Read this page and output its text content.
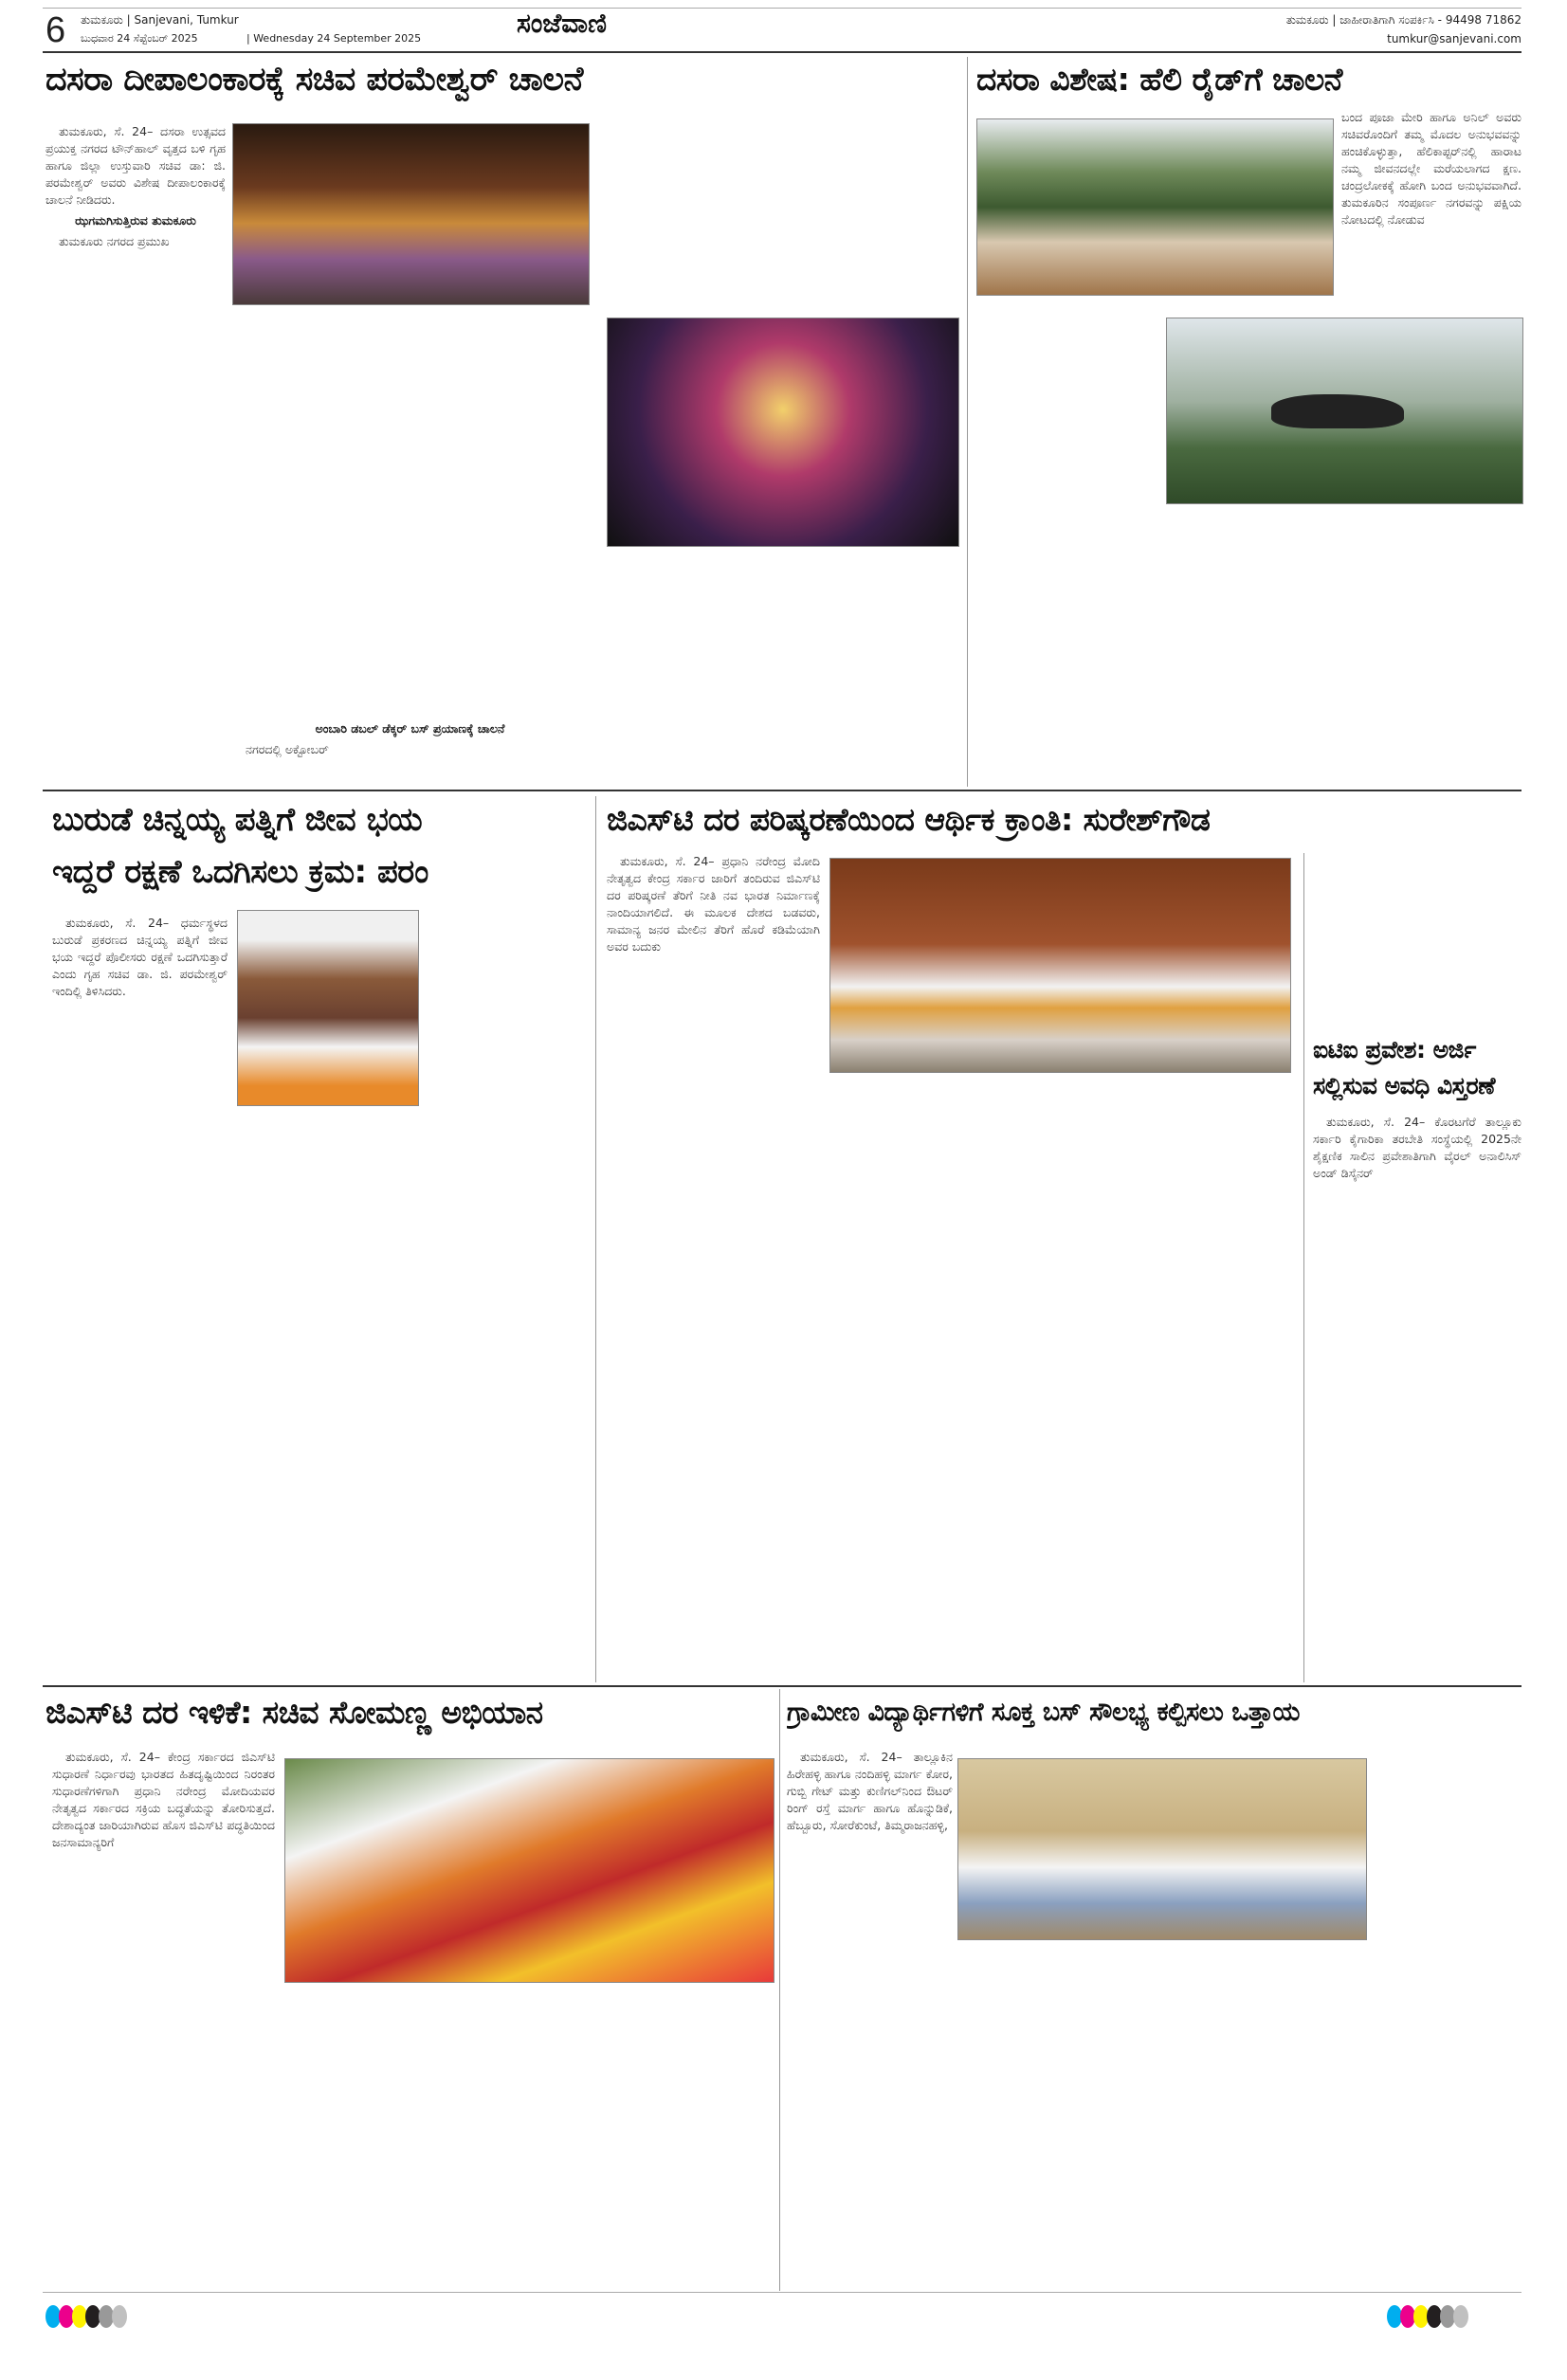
6 ತುಮಕೂರು | Sanjevani, Tumkur
ಬುಧವಾರ 24 ಸೆಪ್ಟೆಂಬರ್ 2025	| Wednesday 24 September 2025	ಸಂಜೆವಾಣಿ	ತುಮಕೂರು | ಜಾಹೀರಾತಿಗಾಗಿ ಸಂಪರ್ಕಿಸಿ - 94498 71862
tumkur@sanjevani.com
ದಸರಾ ದೀಪಾಲಂಕಾರಕ್ಕೆ ಸಚಿವ ಪರಮೇಶ್ವರ್ ಚಾಲನೆ

ತುಮಕೂರು, ಸೆ. 24– ದಸರಾ ಉತ್ಸವದ ಪ್ರಯುಕ್ತ ನಗರದ ಟೌನ್‌ಹಾಲ್ ವೃತ್ತದ ಬಳಿ ಗೃಹ ಹಾಗೂ ಜಿಲ್ಲಾ ಉಸ್ತುವಾರಿ ಸಚಿವ ಡಾ: ಜಿ. ಪರಮೇಶ್ವರ್ ಅವರು ವಿಶೇಷ ದೀಪಾಲಂಕಾರಕ್ಕೆ ಚಾಲನೆ ನೀಡಿದರು.

ಝಗಮಗಿಸುತ್ತಿರುವ ತುಮಕೂರು

ತುಮಕೂರು ನಗರದ ಪ್ರಮುಖ

ಅಂಬಾರಿ ಡಬಲ್ ಡೆಕ್ಕರ್ ಬಸ್ ಪ್ರಯಾಣಕ್ಕೆ ಚಾಲನೆ

ನಗರದಲ್ಲಿ ಅಕ್ಟೋಬರ್

ದಸರಾ ವಿಶೇಷ: ಹೆಲಿ ರೈಡ್‌ಗೆ ಚಾಲನೆ
ಬಂದ ಪೂಜಾ ಮೇರಿ ಹಾಗೂ ಅನಿಲ್ ಅವರು ಸಚಿವರೊಂದಿಗೆ ತಮ್ಮ ಮೊದಲ ಅನುಭವವನ್ನು ಹಂಚಿಕೊಳ್ಳುತ್ತಾ, ಹೆಲಿಕಾಪ್ಟರ್‌ನಲ್ಲಿ ಹಾರಾಟ ನಮ್ಮ ಜೀವನದಲ್ಲೇ ಮರೆಯಲಾಗದ ಕ್ಷಣ. ಚಂದ್ರಲೋಕಕ್ಕೆ ಹೋಗಿ ಬಂದ ಅನುಭವವಾಗಿದೆ. ತುಮಕೂರಿನ ಸಂಪೂರ್ಣ ನಗರವನ್ನು ಪಕ್ಷಿಯ ನೋಟದಲ್ಲಿ ನೋಡುವ
ಬುರುಡೆ ಚಿನ್ನಯ್ಯ ಪತ್ನಿಗೆ ಜೀವ ಭಯ
ಇದ್ದರೆ ರಕ್ಷಣೆ ಒದಗಿಸಲು ಕ್ರಮ: ಪರಂ

ತುಮಕೂರು, ಸೆ. 24– ಧರ್ಮಸ್ಥಳದ ಬುರುಡೆ ಪ್ರಕರಣದ ಚಿನ್ನಯ್ಯ ಪತ್ನಿಗೆ ಜೀವ ಭಯ ಇದ್ದರೆ ಪೊಲೀಸರು ರಕ್ಷಣೆ ಒದಗಿಸುತ್ತಾರೆ ಎಂದು ಗೃಹ ಸಚಿವ ಡಾ. ಜಿ. ಪರಮೇಶ್ವರ್ ಇಂದಿಲ್ಲಿ ತಿಳಿಸಿದರು.

ಜಿಎಸ್‌ಟಿ ದರ ಪರಿಷ್ಕರಣೆಯಿಂದ ಆರ್ಥಿಕ ಕ್ರಾಂತಿ: ಸುರೇಶ್‌ಗೌಡ

ತುಮಕೂರು, ಸೆ. 24– ಪ್ರಧಾನಿ ನರೇಂದ್ರ ಮೋದಿ ನೇತೃತ್ವದ ಕೇಂದ್ರ ಸರ್ಕಾರ ಜಾರಿಗೆ ತಂದಿರುವ ಜಿಎಸ್‌ಟಿ ದರ ಪರಿಷ್ಕರಣೆ ತೆರಿಗೆ ನೀತಿ ನವ ಭಾರತ ನಿರ್ಮಾಣಕ್ಕೆ ನಾಂದಿಯಾಗಲಿದೆ. ಈ ಮೂಲಕ ದೇಶದ ಬಡವರು, ಸಾಮಾನ್ಯ ಜನರ ಮೇಲಿನ ತೆರಿಗೆ ಹೊರೆ ಕಡಿಮೆಯಾಗಿ ಅವರ ಬದುಕು

ಐಟಿಐ ಪ್ರವೇಶ: ಅರ್ಜಿ
ಸಲ್ಲಿಸುವ ಅವಧಿ ವಿಸ್ತರಣೆ

ತುಮಕೂರು, ಸೆ. 24– ಕೊರಟಗೆರೆ ತಾಲ್ಲೂಕು ಸರ್ಕಾರಿ ಕೈಗಾರಿಕಾ ತರಬೇತಿ ಸಂಸ್ಥೆಯಲ್ಲಿ 2025ನೇ ಶೈಕ್ಷಣಿಕ ಸಾಲಿನ ಪ್ರವೇಶಾತಿಗಾಗಿ ವೈರಲ್ ಅನಾಲಿಸಿಸ್ ಅಂಡ್ ಡಿಸೈನರ್

ಜಿಎಸ್‌ಟಿ ದರ ಇಳಿಕೆ: ಸಚಿವ ಸೋಮಣ್ಣ ಅಭಿಯಾನ

ತುಮಕೂರು, ಸೆ. 24– ಕೇಂದ್ರ ಸರ್ಕಾರದ ಜಿಎಸ್‌ಟಿ ಸುಧಾರಣೆ ನಿರ್ಧಾರವು ಭಾರತದ ಹಿತದೃಷ್ಟಿಯಿಂದ ನಿರಂತರ ಸುಧಾರಣೆಗಳಿಗಾಗಿ ಪ್ರಧಾನಿ ನರೇಂದ್ರ ಮೋದಿಯವರ ನೇತೃತ್ವದ ಸರ್ಕಾರದ ಸಕ್ರಿಯ ಬದ್ಧತೆಯನ್ನು ತೋರಿಸುತ್ತದೆ. ದೇಶಾದ್ಯಂತ ಜಾರಿಯಾಗಿರುವ ಹೊಸ ಜಿಎಸ್‌ಟಿ ಪದ್ಧತಿಯಿಂದ ಜನಸಾಮಾನ್ಯರಿಗೆ

ಗ್ರಾಮೀಣ ವಿದ್ಯಾರ್ಥಿಗಳಿಗೆ ಸೂಕ್ತ ಬಸ್ ಸೌಲಭ್ಯ ಕಲ್ಪಿಸಲು ಒತ್ತಾಯ

ತುಮಕೂರು, ಸೆ. 24– ತಾಲ್ಲೂಕಿನ ಹಿರೇಹಳ್ಳಿ ಹಾಗೂ ನಂದಿಹಳ್ಳಿ ಮಾರ್ಗ ಕೋರ, ಗುಬ್ಬಿ ಗೇಟ್ ಮತ್ತು ಕುಣಿಗಲ್‌ನಿಂದ ಔಟರ್ ರಿಂಗ್ ರಸ್ತೆ ಮಾರ್ಗ ಹಾಗೂ ಹೊನ್ನುಡಿಕೆ, ಹೆಬ್ಬೂರು, ಸೋರೆಕುಂಟೆ, ತಿಮ್ಮರಾಜನಹಳ್ಳಿ,
